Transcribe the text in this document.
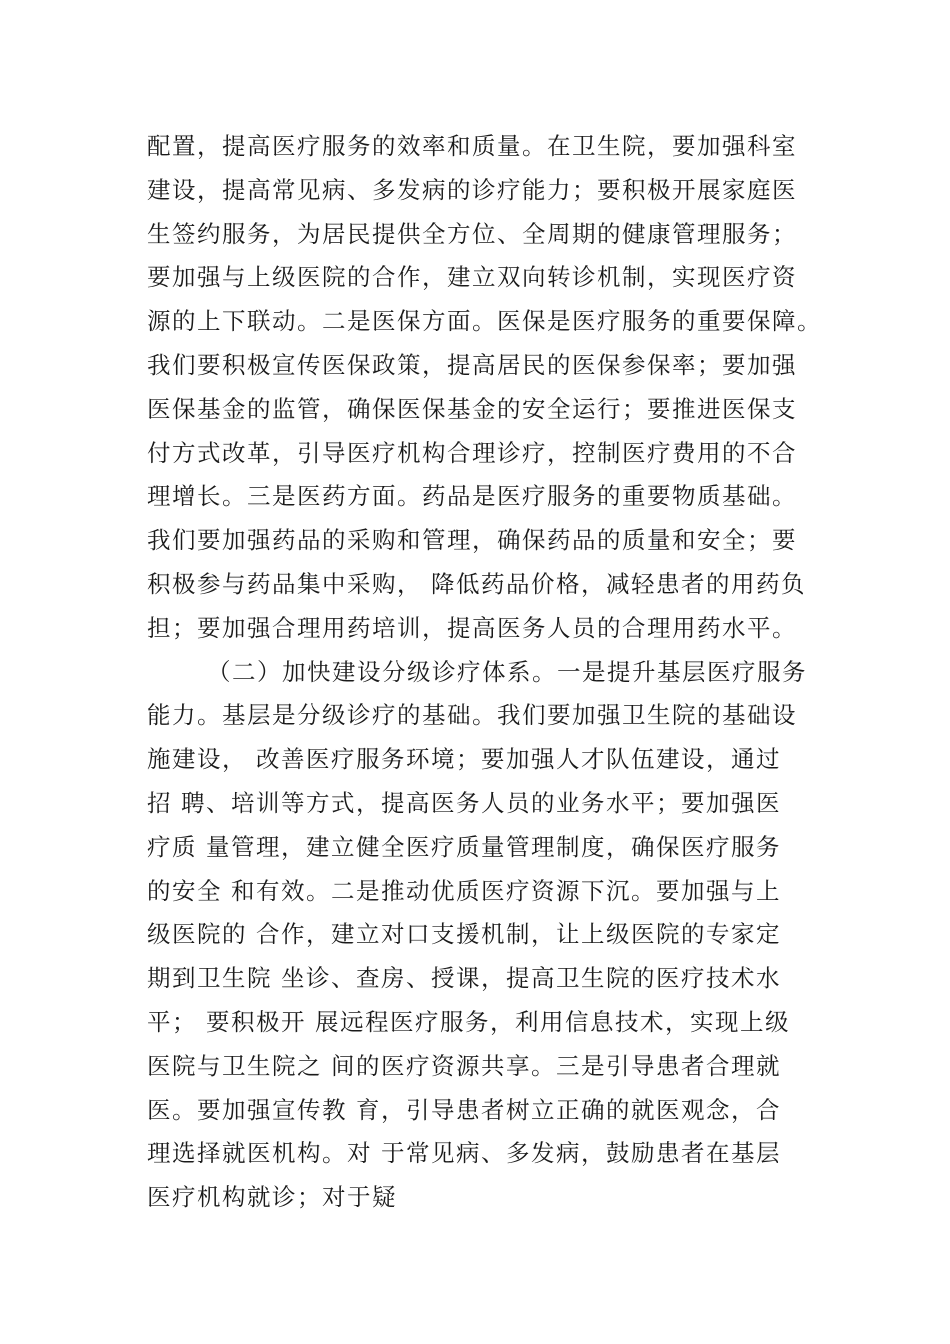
配置，提高医疗服务的效率和质量。在卫生院，要加强科室
建设，提高常见病、多发病的诊疗能力；要积极开展家庭医
生签约服务，为居民提供全方位、全周期的健康管理服务；
要加强与上级医院的合作，建立双向转诊机制，实现医疗资
源的上下联动。二是医保方面。医保是医疗服务的重要保障。
我们要积极宣传医保政策，提高居民的医保参保率；要加强
医保基金的监管，确保医保基金的安全运行；要推进医保支
付方式改革，引导医疗机构合理诊疗，控制医疗费用的不合
理增长。三是医药方面。药品是医疗服务的重要物质基础。
我们要加强药品的采购和管理，确保药品的质量和安全；要
积极参与药品集中采购， 降低药品价格，减轻患者的用药负
担；要加强合理用药培训，提高医务人员的合理用药水平。
（二）加快建设分级诊疗体系。一是提升基层医疗服务
能力。基层是分级诊疗的基础。我们要加强卫生院的基础设
施建设， 改善医疗服务环境；要加强人才队伍建设，通过
招 聘、培训等方式，提高医务人员的业务水平；要加强医
疗质 量管理，建立健全医疗质量管理制度，确保医疗服务
的安全 和有效。二是推动优质医疗资源下沉。要加强与上
级医院的 合作，建立对口支援机制，让上级医院的专家定
期到卫生院 坐诊、查房、授课，提高卫生院的医疗技术水
平； 要积极开 展远程医疗服务，利用信息技术，实现上级
医院与卫生院之 间的医疗资源共享。三是引导患者合理就
医。要加强宣传教 育，引导患者树立正确的就医观念，合
理选择就医机构。对 于常见病、多发病，鼓励患者在基层
医疗机构就诊；对于疑
